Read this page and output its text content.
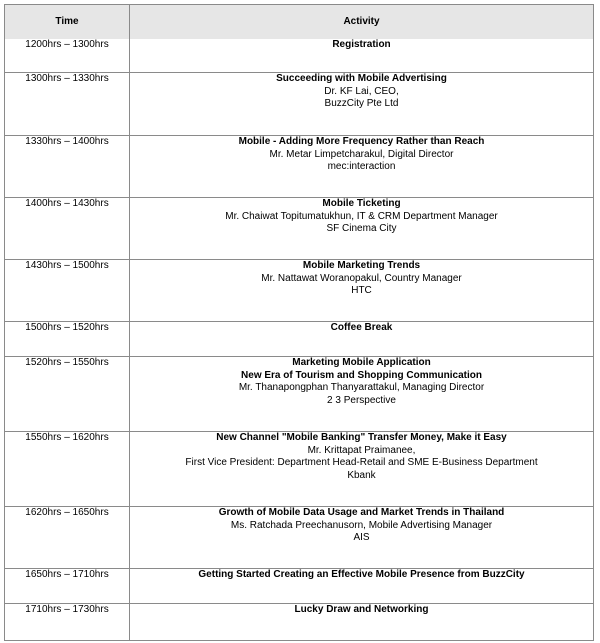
Time	Activity
1200hrs – 1300hrs	Registration

1300hrs – 1330hrs	Succeeding with Mobile Advertising
Dr. KF Lai, CEO,
BuzzCity Pte Ltd

1330hrs – 1400hrs	Mobile - Adding More Frequency Rather than Reach
Mr. Metar Limpetcharakul, Digital Director
mec:interaction

1400hrs – 1430hrs	Mobile Ticketing
Mr. Chaiwat Topitumatukhun, IT & CRM Department Manager
SF Cinema City

1430hrs – 1500hrs	Mobile Marketing Trends
Mr. Nattawat Woranopakul, Country Manager
HTC

1500hrs – 1520hrs	Coffee Break

1520hrs – 1550hrs	Marketing Mobile Application
New Era of Tourism and Shopping Communication
Mr. Thanapongphan Thanyarattakul, Managing Director
2 3 Perspective

1550hrs – 1620hrs	New Channel "Mobile Banking" Transfer Money, Make it Easy
Mr. Krittapat Praimanee,
First Vice President: Department Head-Retail and SME E-Business Department
Kbank

1620hrs – 1650hrs	Growth of Mobile Data Usage and Market Trends in Thailand
Ms. Ratchada Preechanusorn, Mobile Advertising Manager
AIS

1650hrs – 1710hrs	Getting Started Creating an Effective Mobile Presence from BuzzCity

1710hrs – 1730hrs	Lucky Draw and Networking
